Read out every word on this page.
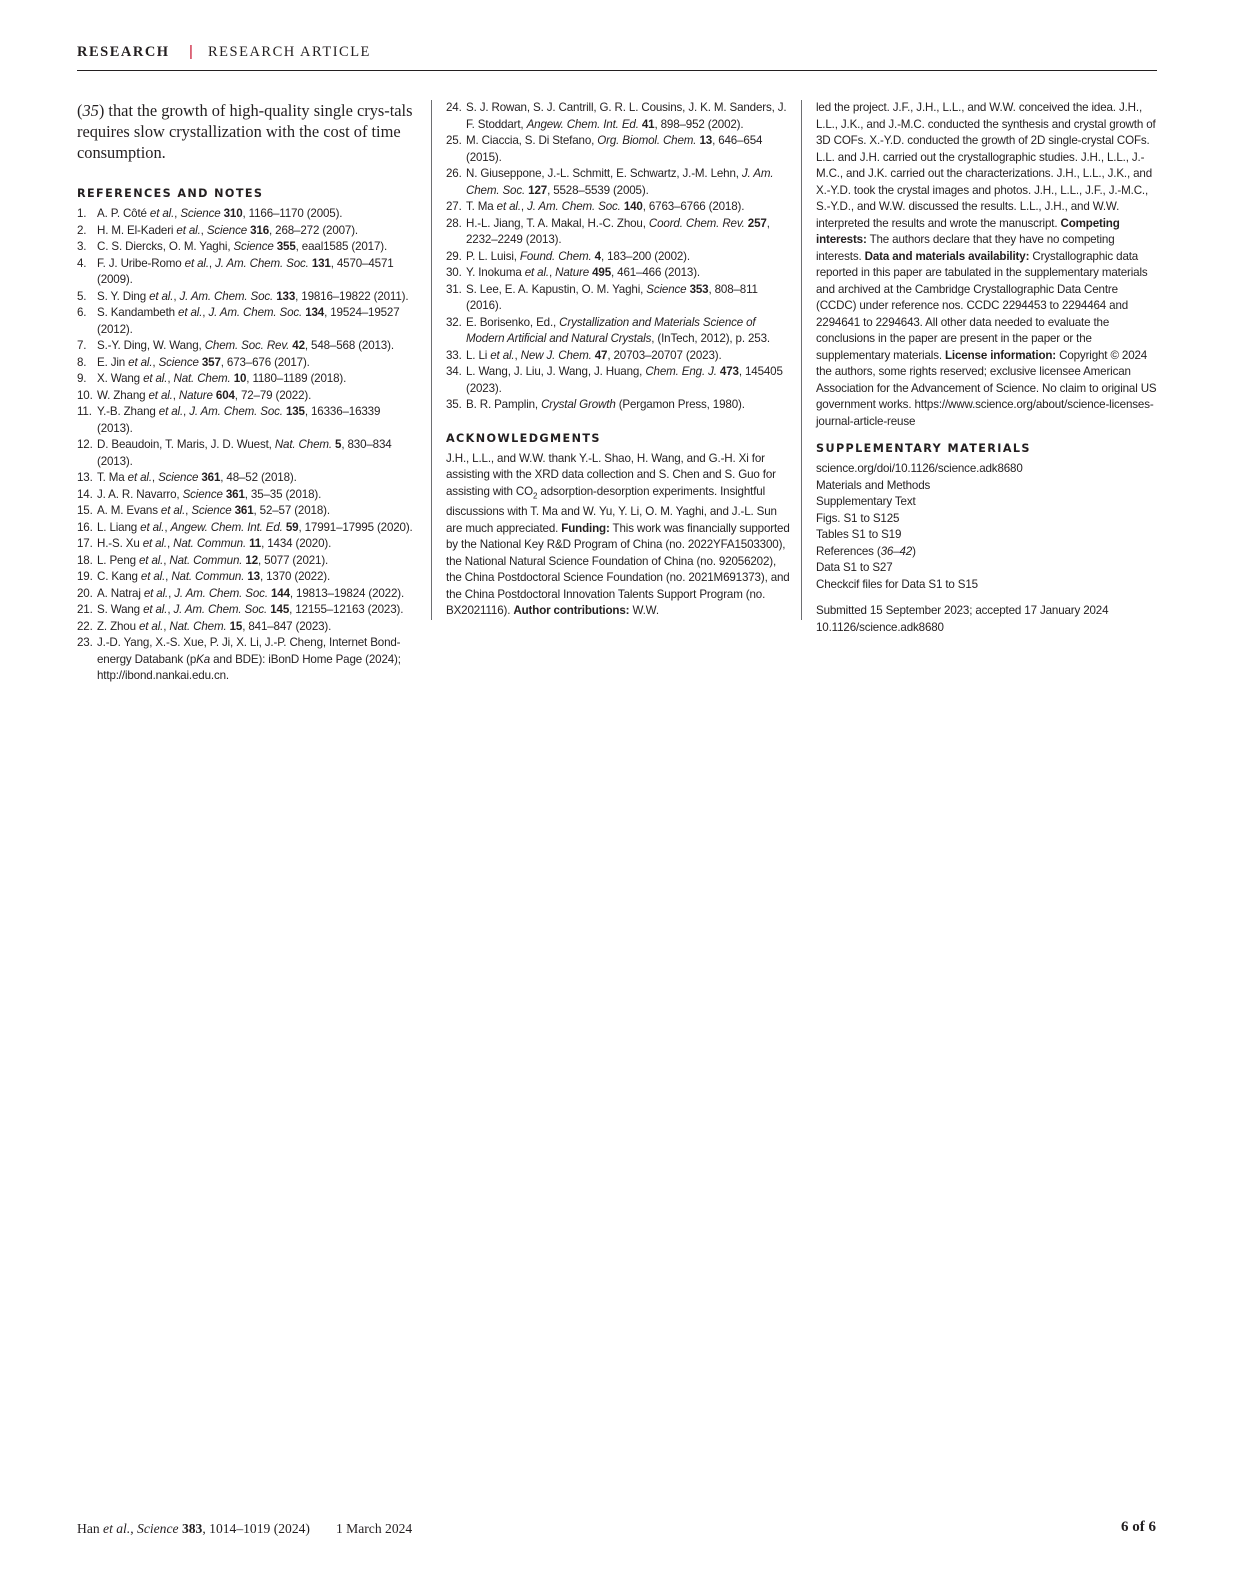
RESEARCH | RESEARCH ARTICLE

(35) that the growth of high-quality single crys-tals requires slow crystallization with the cost of time consumption.

REFERENCES AND NOTES
1. A. P. Côté et al., Science 310, 1166–1170 (2005).
2. H. M. El-Kaderi et al., Science 316, 268–272 (2007).
3. C. S. Diercks, O. M. Yaghi, Science 355, eaal1585 (2017).
4. F. J. Uribe-Romo et al., J. Am. Chem. Soc. 131, 4570–4571 (2009).
5. S. Y. Ding et al., J. Am. Chem. Soc. 133, 19816–19822 (2011).
6. S. Kandambeth et al., J. Am. Chem. Soc. 134, 19524–19527 (2012).
7. S.-Y. Ding, W. Wang, Chem. Soc. Rev. 42, 548–568 (2013).
8. E. Jin et al., Science 357, 673–676 (2017).
9. X. Wang et al., Nat. Chem. 10, 1180–1189 (2018).
10. W. Zhang et al., Nature 604, 72–79 (2022).
11. Y.-B. Zhang et al., J. Am. Chem. Soc. 135, 16336–16339 (2013).
12. D. Beaudoin, T. Maris, J. D. Wuest, Nat. Chem. 5, 830–834 (2013).
13. T. Ma et al., Science 361, 48–52 (2018).
14. J. A. R. Navarro, Science 361, 35–35 (2018).
15. A. M. Evans et al., Science 361, 52–57 (2018).
16. L. Liang et al., Angew. Chem. Int. Ed. 59, 17991–17995 (2020).
17. H.-S. Xu et al., Nat. Commun. 11, 1434 (2020).
18. L. Peng et al., Nat. Commun. 12, 5077 (2021).
19. C. Kang et al., Nat. Commun. 13, 1370 (2022).
20. A. Natraj et al., J. Am. Chem. Soc. 144, 19813–19824 (2022).
21. S. Wang et al., J. Am. Chem. Soc. 145, 12155–12163 (2023).
22. Z. Zhou et al., Nat. Chem. 15, 841–847 (2023).
23. J.-D. Yang, X.-S. Xue, P. Ji, X. Li, J.-P. Cheng, Internet Bond-energy Databank (pKa and BDE): iBonD Home Page (2024); http://ibond.nankai.edu.cn.
24. S. J. Rowan, S. J. Cantrill, G. R. L. Cousins, J. K. M. Sanders, J. F. Stoddart, Angew. Chem. Int. Ed. 41, 898–952 (2002).
25. M. Ciaccia, S. Di Stefano, Org. Biomol. Chem. 13, 646–654 (2015).
26. N. Giuseppone, J.-L. Schmitt, E. Schwartz, J.-M. Lehn, J. Am. Chem. Soc. 127, 5528–5539 (2005).
27. T. Ma et al., J. Am. Chem. Soc. 140, 6763–6766 (2018).
28. H.-L. Jiang, T. A. Makal, H.-C. Zhou, Coord. Chem. Rev. 257, 2232–2249 (2013).
29. P. L. Luisi, Found. Chem. 4, 183–200 (2002).
30. Y. Inokuma et al., Nature 495, 461–466 (2013).
31. S. Lee, E. A. Kapustin, O. M. Yaghi, Science 353, 808–811 (2016).
32. E. Borisenko, Ed., Crystallization and Materials Science of Modern Artificial and Natural Crystals, (InTech, 2012), p. 253.
33. L. Li et al., New J. Chem. 47, 20703–20707 (2023).
34. L. Wang, J. Liu, J. Wang, J. Huang, Chem. Eng. J. 473, 145405 (2023).
35. B. R. Pamplin, Crystal Growth (Pergamon Press, 1980).
ACKNOWLEDGMENTS

J.H., L.L., and W.W. thank Y.-L. Shao, H. Wang, and G.-H. Xi for assisting with the XRD data collection and S. Chen and S. Guo for assisting with $CO_2$ adsorption-desorption experiments. Insightful discussions with T. Ma and W. Yu, Y. Li, O. M. Yaghi, and J.-L. Sun are much appreciated. Funding: This work was financially supported by the National Key R&D Program of China (no. 2022YFA1503300), the National Natural Science Foundation of China (no. 92056202), the China Postdoctoral Science Foundation (no. 2021M691373), and the China Postdoctoral Innovation Talents Support Program (no. BX2021116). Author contributions: W.W.

led the project. J.F., J.H., L.L., and W.W. conceived the idea. J.H., L.L., J.K., and J.-M.C. conducted the synthesis and crystal growth of 3D COFs. X.-Y.D. conducted the growth of 2D single-crystal COFs. L.L. and J.H. carried out the crystallographic studies. J.H., L.L., J.-M.C., and J.K. carried out the characterizations. J.H., L.L., J.K., and X.-Y.D. took the crystal images and photos. J.H., L.L., J.F., J.-M.C., S.-Y.D., and W.W. discussed the results. L.L., J.H., and W.W. interpreted the results and wrote the manuscript. Competing interests: The authors declare that they have no competing interests. Data and materials availability: Crystallographic data reported in this paper are tabulated in the supplementary materials and archived at the Cambridge Crystallographic Data Centre (CCDC) under reference nos. CCDC 2294453 to 2294464 and 2294641 to 2294643. All other data needed to evaluate the conclusions in the paper are present in the paper or the supplementary materials. License information: Copyright © 2024 the authors, some rights reserved; exclusive licensee American Association for the Advancement of Science. No claim to original US government works. https://www.science.org/about/science-licenses-journal-article-reuse

SUPPLEMENTARY MATERIALS

science.org/doi/10.1126/science.adk8680

Materials and Methods

Supplementary Text

Figs. S1 to S125

Tables S1 to S19

References (36–42)

Data S1 to S27

Checkcif files for Data S1 to S15

Submitted 15 September 2023; accepted 17 January 2024

10.1126/science.adk8680

Han et al., Science 383, 1014–1019 (2024) 1 March 2024	6 of 6
